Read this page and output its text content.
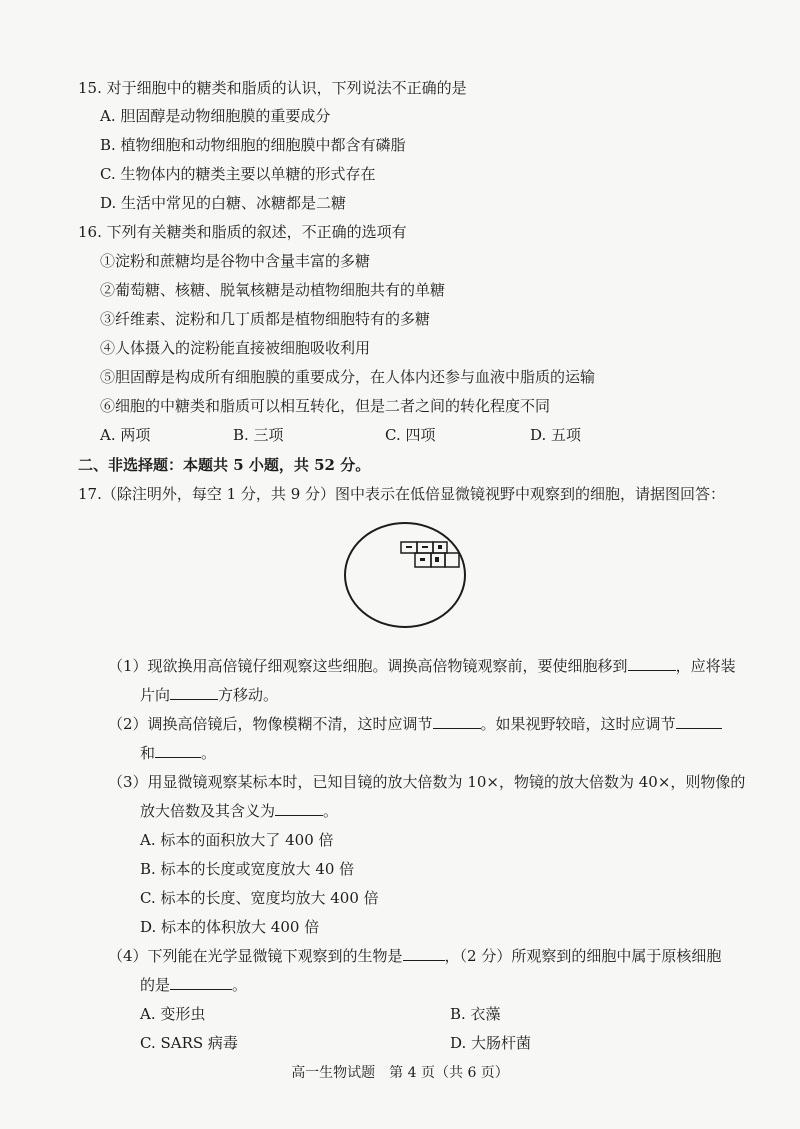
15. 对于细胞中的糖类和脂质的认识，下列说法不正确的是
A. 胆固醇是动物细胞膜的重要成分
B. 植物细胞和动物细胞的细胞膜中都含有磷脂
C. 生物体内的糖类主要以单糖的形式存在
D. 生活中常见的白糖、冰糖都是二糖
16. 下列有关糖类和脂质的叙述，不正确的选项有
①淀粉和蔗糖均是谷物中含量丰富的多糖
②葡萄糖、核糖、脱氧核糖是动植物细胞共有的单糖
③纤维素、淀粉和几丁质都是植物细胞特有的多糖
④人体摄入的淀粉能直接被细胞吸收利用
⑤胆固醇是构成所有细胞膜的重要成分，在人体内还参与血液中脂质的运输
⑥细胞的中糖类和脂质可以相互转化，但是二者之间的转化程度不同
A. 两项	B. 三项	C. 四项	D. 五项
二、非选择题：本题共 5 小题，共 52 分。
17.（除注明外，每空 1 分，共 9 分）图中表示在低倍显微镜视野中观察到的细胞，请据图回答：
（1）现欲换用高倍镜仔细观察这些细胞。调换高倍物镜观察前，要使细胞移到	，应将装
片向	方移动。
（2）调换高倍镜后，物像模糊不清，这时应调节	。如果视野较暗，这时应调节
和	。
（3）用显微镜观察某标本时，已知目镜的放大倍数为 10×，物镜的放大倍数为 40×，则物像的
放大倍数及其含义为	。
A. 标本的面积放大了 400 倍
B. 标本的长度或宽度放大 40 倍
C. 标本的长度、宽度均放大 400 倍
D. 标本的体积放大 400 倍
（4）下列能在光学显微镜下观察到的生物是	，（2 分）所观察到的细胞中属于原核细胞
的是	。
A. 变形虫	B. 衣藻
C. SARS 病毒	D. 大肠杆菌
高一生物试题　第 4 页（共 6 页）
